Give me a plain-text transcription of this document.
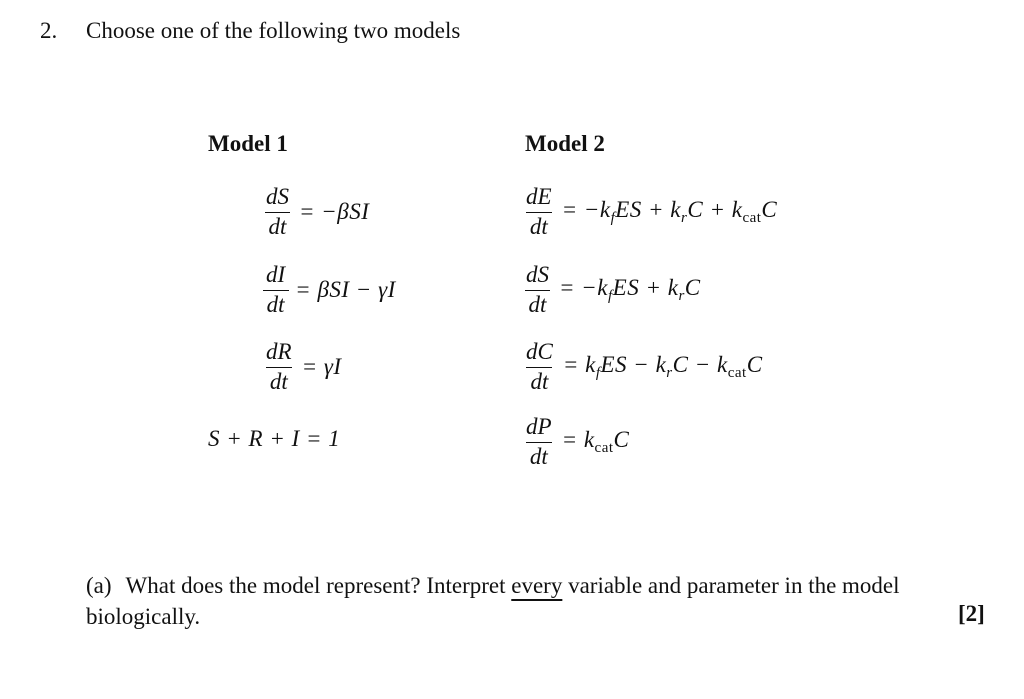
2. Choose one of the following two models
Model 1	Model 2
$\frac{dS}{dt} = -\beta SI$
$\frac{dI}{dt} = \beta SI - \gamma I$
$\frac{dR}{dt} = \gamma I$
S + R + I = 1
$\frac{dE}{dt} = -k_fES + k_rC + k_{cat}C$
$\frac{dS}{dt} = -k_fES + k_rC$
$\frac{dC}{dt} = k_fES - k_rC - k_{cat}C$
$\frac{dP}{dt} = k_{cat}C$
(a) What does the model represent? Interpret every variable and parameter in the model biologically.	[2]
